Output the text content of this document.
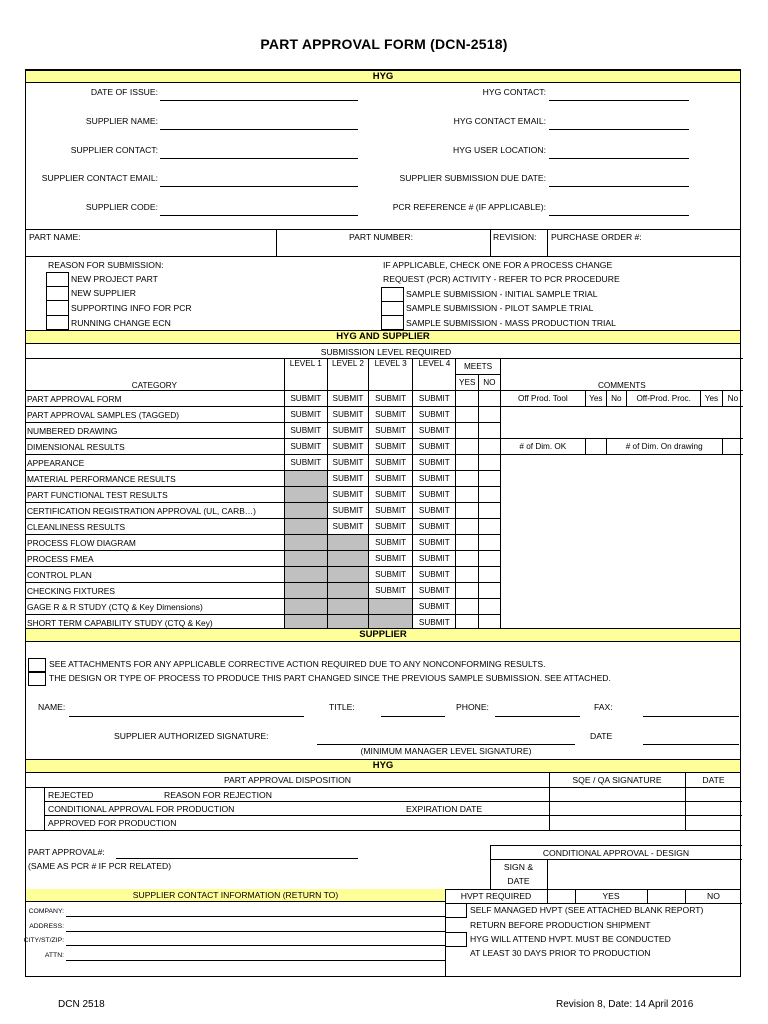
PART APPROVAL FORM (DCN-2518)
HYG
DATE OF ISSUE:
SUPPLIER NAME:
SUPPLIER CONTACT:
SUPPLIER CONTACT EMAIL:
SUPPLIER CODE:
HYG CONTACT:
HYG CONTACT EMAIL:
HYG USER LOCATION:
SUPPLIER SUBMISSION DUE DATE:
PCR REFERENCE # (IF APPLICABLE):
PART NAME:	PART NUMBER:	REVISION: PURCHASE ORDER #:
REASON FOR SUBMISSION:
NEW PROJECT PART
NEW SUPPLIER
SUPPORTING INFO FOR PCR
RUNNING CHANGE ECN
IF APPLICABLE, CHECK ONE FOR A PROCESS CHANGE
REQUEST (PCR) ACTIVITY - REFER TO PCR PROCEDURE
SAMPLE SUBMISSION - INITIAL SAMPLE TRIAL
SAMPLE SUBMISSION - PILOT SAMPLE TRIAL
SAMPLE SUBMISSION - MASS PRODUCTION TRIAL
HYG AND SUPPLIER
SUBMISSION LEVEL REQUIRED
CATEGORY	LEVEL 1	LEVEL 2	LEVEL 3	LEVEL 4	MEETS		COMMENTS					
					YES	NO						
PART APPROVAL FORM	SUBMIT	SUBMIT	SUBMIT	SUBMIT			Off Prod. Tool	Yes	No	Off-Prod. Proc.	Yes	No
PART APPROVAL SAMPLES (TAGGED)	SUBMIT	SUBMIT	SUBMIT	SUBMIT								
NUMBERED DRAWING	SUBMIT	SUBMIT	SUBMIT	SUBMIT								
DIMENSIONAL RESULTS	SUBMIT	SUBMIT	SUBMIT	SUBMIT			# of Dim. OK		# of Dim. On drawing			
APPEARANCE	SUBMIT	SUBMIT	SUBMIT	SUBMIT								
MATERIAL PERFORMANCE RESULTS		SUBMIT	SUBMIT	SUBMIT								
PART FUNCTIONAL TEST RESULTS		SUBMIT	SUBMIT	SUBMIT								
CERTIFICATION REGISTRATION APPROVAL (UL, CARB…)		SUBMIT	SUBMIT	SUBMIT								
CLEANLINESS RESULTS		SUBMIT	SUBMIT	SUBMIT								
PROCESS FLOW DIAGRAM			SUBMIT	SUBMIT								
PROCESS FMEA			SUBMIT	SUBMIT								
CONTROL PLAN			SUBMIT	SUBMIT								
CHECKING FIXTURES			SUBMIT	SUBMIT								
GAGE R & R STUDY (CTQ & Key Dimensions)				SUBMIT								
SHORT TERM CAPABILITY STUDY (CTQ & Key)				SUBMIT								
SUPPLIER
SEE ATTACHMENTS FOR ANY APPLICABLE CORRECTIVE ACTION REQUIRED DUE TO ANY NONCONFORMING RESULTS.
THE DESIGN OR TYPE OF PROCESS TO PRODUCE THIS PART CHANGED SINCE THE PREVIOUS SAMPLE SUBMISSION. SEE ATTACHED.
NAME:	TITLE:	PHONE:	FAX:
SUPPLIER AUTHORIZED SIGNATURE:	DATE
(MINIMUM MANAGER LEVEL SIGNATURE)
HYG
PART APPROVAL DISPOSITION	SQE / QA SIGNATURE	DATE
REJECTED	REASON FOR REJECTION
CONDITIONAL APPROVAL FOR PRODUCTION	EXPIRATION DATE
APPROVED FOR PRODUCTION
PART APPROVAL#:
(SAME AS PCR # IF PCR RELATED)
CONDITIONAL APPROVAL - DESIGN
SIGN &
DATE
SUPPLIER CONTACT INFORMATION (RETURN TO)
COMPANY:
ADDRESS:
CITY/ST/ZIP:
ATTN:
HVPT REQUIRED	YES	NO
SELF MANAGED HVPT (SEE ATTACHED BLANK REPORT)
RETURN BEFORE PRODUCTION SHIPMENT
HYG WILL ATTEND HVPT. MUST BE CONDUCTED
AT LEAST 30 DAYS PRIOR TO PRODUCTION
DCN 2518	Revision 8, Date: 14 April 2016
